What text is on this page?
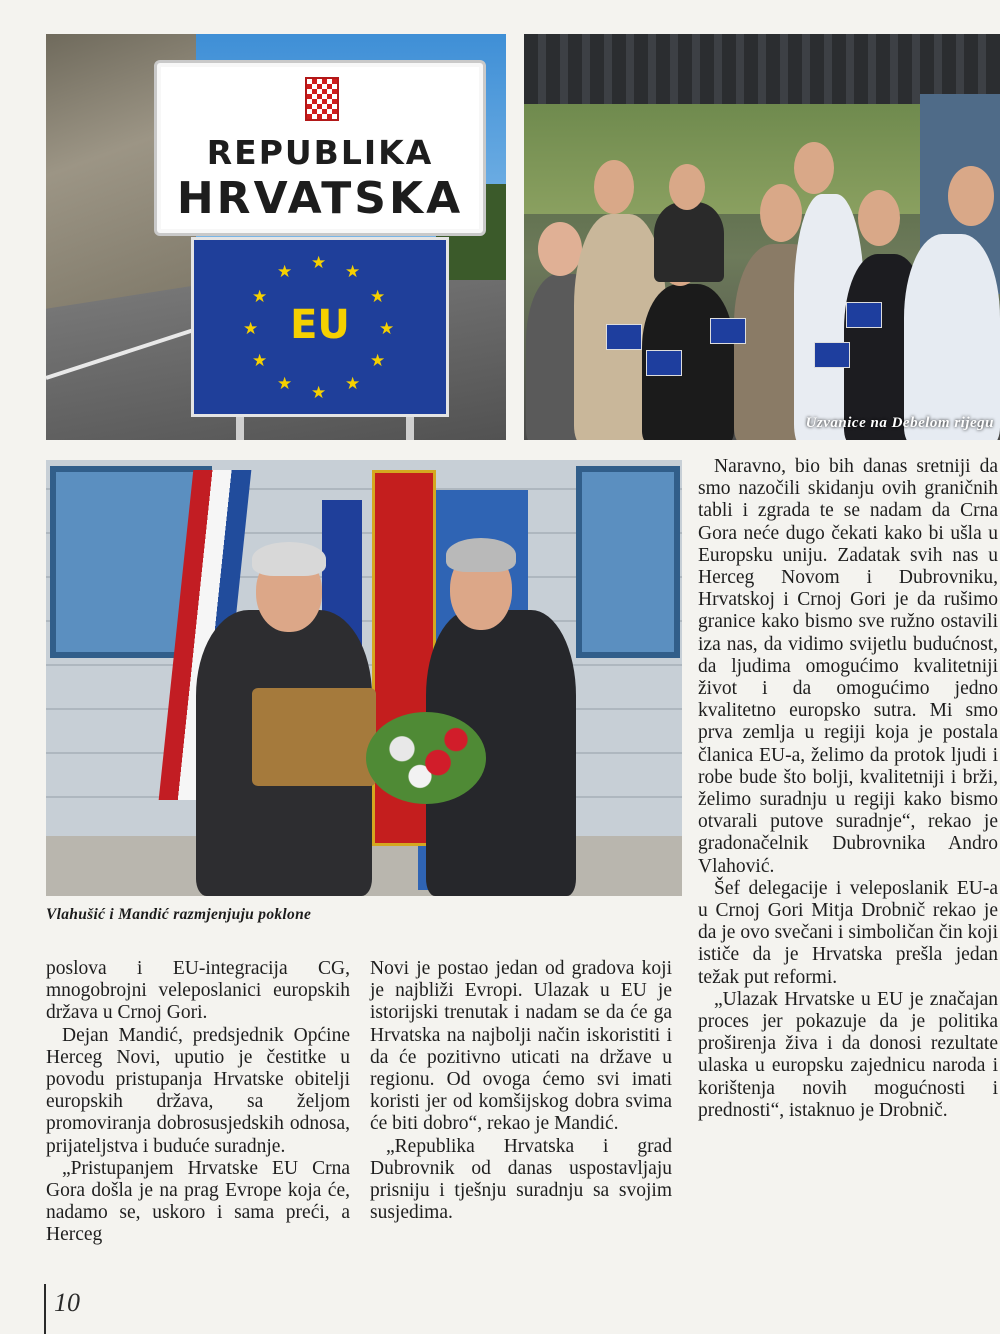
REPUBLIKA
HRVATSKA
★ ★
★
★
★
★
★
★
★
★
★
★
EU
Uzvanice na Debelom rijegu
Vlahušić i Mandić razmjenjuju poklone

poslova i EU-integracija CG, mnogobrojni veleposlanici europskih država u Crnoj Gori.

Dejan Mandić, predsjednik Općine Herceg Novi, uputio je čestitke u povodu pristupanja Hrvatske obitelji europskih država, sa željom promoviranja dobrosusjedskih odnosa, prijateljstva i buduće suradnje.

„Pristupanjem Hrvatske EU Crna Gora došla je na prag Evrope koja će, nadamo se, uskoro i sama preći, a Herceg

Novi je postao jedan od gradova koji je najbliži Evropi. Ulazak u EU je istorijski trenutak i nadam se da će ga Hrvatska na najbolji način iskoristiti i da će pozitivno uticati na države u regionu. Od ovoga ćemo svi imati koristi jer od komšijskog dobra svima će biti dobro“, rekao je Mandić.

„Republika Hrvatska i grad Dubrovnik od danas uspostavljaju prisniju i tješnju suradnju sa svojim susjedima.

Naravno, bio bih danas sretniji da smo nazočili skidanju ovih graničnih tabli i zgrada te se nadam da Crna Gora neće dugo čekati kako bi ušla u Europsku uniju. Zadatak svih nas u Herceg Novom i Dubrovniku, Hrvatskoj i Crnoj Gori je da rušimo granice kako bismo sve ružno ostavili iza nas, da vidimo svijetlu budućnost, da ljudima omogućimo kvalitetniji život i da omogućimo jedno kvalitetno europsko sutra. Mi smo prva zemlja u regiji koja je postala članica EU-a, želimo da protok ljudi i robe bude što bolji, kvalitetniji i brži, želimo suradnju u regiji kako bismo otvarali putove suradnje“, rekao je gradonačelnik Dubrovnika Andro Vlahović.

Šef delegacije i veleposlanik EU-a u Crnoj Gori Mitja Drobnič rekao je da je ovo svečani i simboličan čin koji ističe da je Hrvatska prešla jedan težak put reformi.

„Ulazak Hrvatske u EU je značajan proces jer pokazuje da je politika proširenja živa i da donosi rezultate ulaska u europsku zajednicu naroda i korištenja novih mogućnosti i prednosti“, istaknuo je Drobnič.

10
